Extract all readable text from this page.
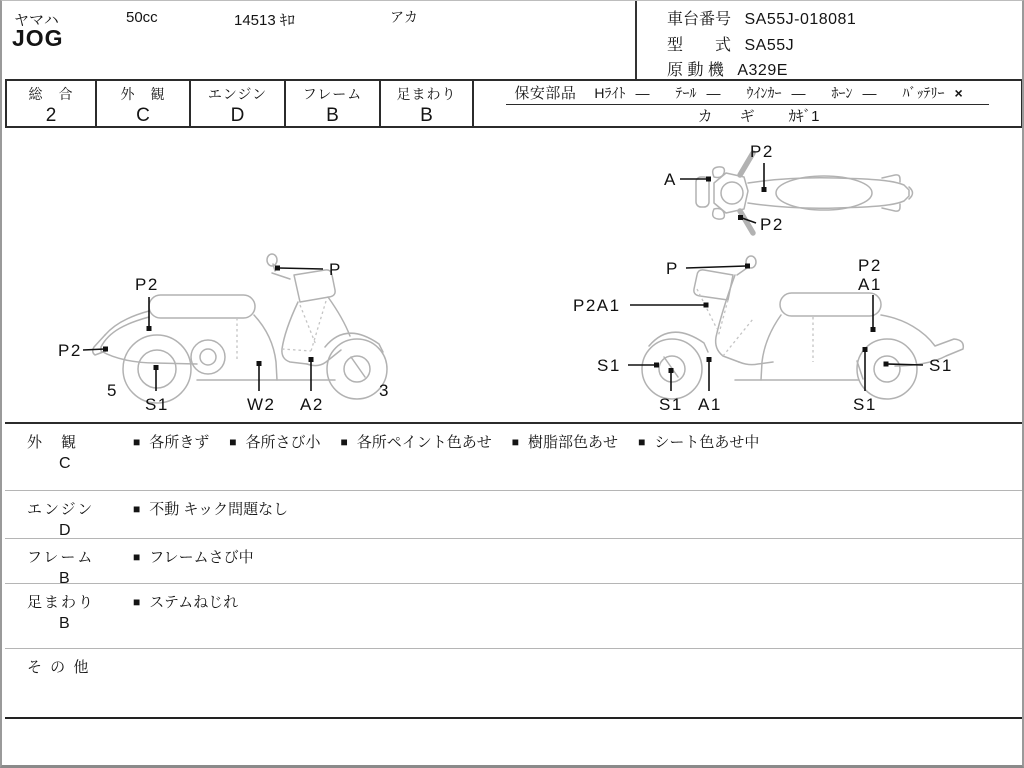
ヤマハ	50cc	14513 ｷﾛ	アカ
JOG
車台番号 SA55J-018081
型　　式 SA55J
原 動 機 A329E
総　合
2
外　観
C
エンジン
D
フレーム
B
足まわり
B
保安部品 Hﾗｲﾄ — ﾃｰﾙ — ｳｲﾝｶｰ — ﾎｰﾝ — ﾊﾞｯﾃﾘｰ ×
カ　ギ ｶｷﾞ1
P2
A
P2
P2
P
P2
5
S1	W2 A2
3
P
P2A1
P2
A1
S1
S1 A1	S1
S1
外　観
C
■ 各所きず ■ 各所さび小 ■ 各所ペイント色あせ ■ 樹脂部色あせ ■ シート色あせ中
エンジン
D
■ 不動 キック問題なし
フレーム
B
■ フレームさび中
足まわり
B
■ ステムねじれ
そ の 他
